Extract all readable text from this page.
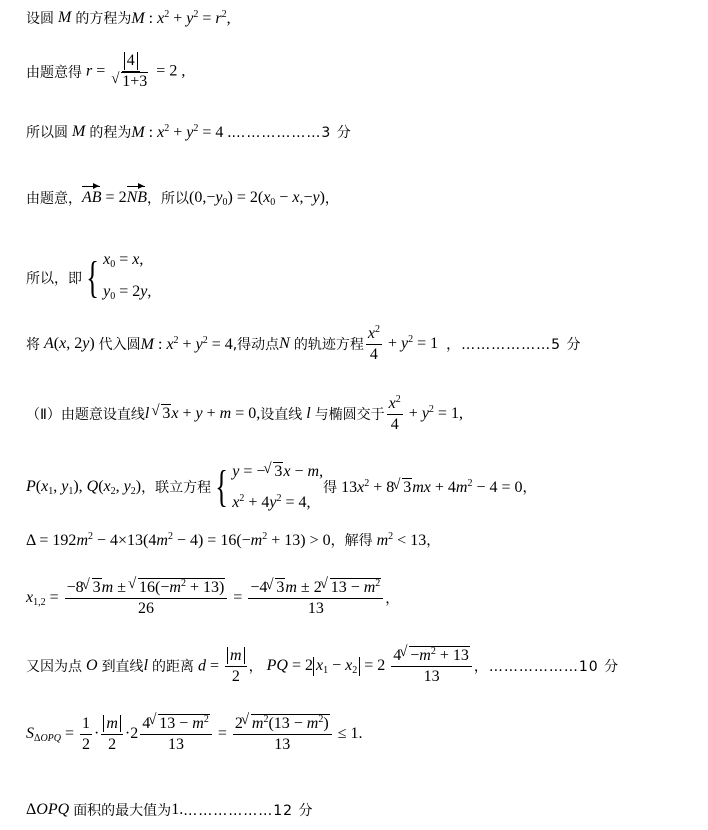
设圆 M 的方程为 M : $x^2 + y^2 = r^2$,
由题意得 r = 4
√ 1+3 = 2 ,
所以圆 M 的程为 M : $x^2 + y^2 = 4$ . ………………3 分
由题意， AB = 2NB ，所以 $(0,-y_0) = 2(x_0 - x,-y)$ ，
所以，即 { $x_0 = x$,
$y_0 = 2y$,
将 A(x, 2y) 代入圆 M : $x^2 + y^2 = 4$ ,得动点 N 的轨迹方程 $\frac{x^2}{4} + y^2 = 1$ ，………………5 分
（Ⅱ）由题意设直线 l √ 3x + y + m = 0, 设直线 l 与椭圆交于 $\frac{x^2}{4} + y^2 = 1$,
$P(x_1$, $y_1$), $Q(x_2$, $y_2$) ，联立方程 { y = −√ 3x − m,
$x^2 + 4y^2 = 4$,
得 $13x^2 + 8√$ $3mx + 4m^2 - 4 = 0$ ，
$\Delta = 192m^2 - 4\times 13(4m^2 - 4) = 16(-m^2 + 13) > 0$ ，解得 $m^2 < 13$ ，
$x_{1,2} = \frac{-8√ 3m \pm √ 16(-m^2 + 13)}{26} = \frac{-4√ 3m \pm 2√ 13 - m^2}{13}$ ，
又因为点 O 到直线 l 的距离 $d = \frac{m}{2}$ ， PQ = 2 $x_1 - x_2 = 2 \frac{4√ -m^2 + 13}{13}$ ，………………10 分
$S_{\Delta OPQ} = \frac{1}{2} \cdot \frac{m}{2} \cdot 2 \frac{4√ 13 - m^2}{13} = \frac{2√ m^2(13 - m^2)}{13} \le 1$.
ΔOPQ 面积的最大值为 1. ………………12 分
